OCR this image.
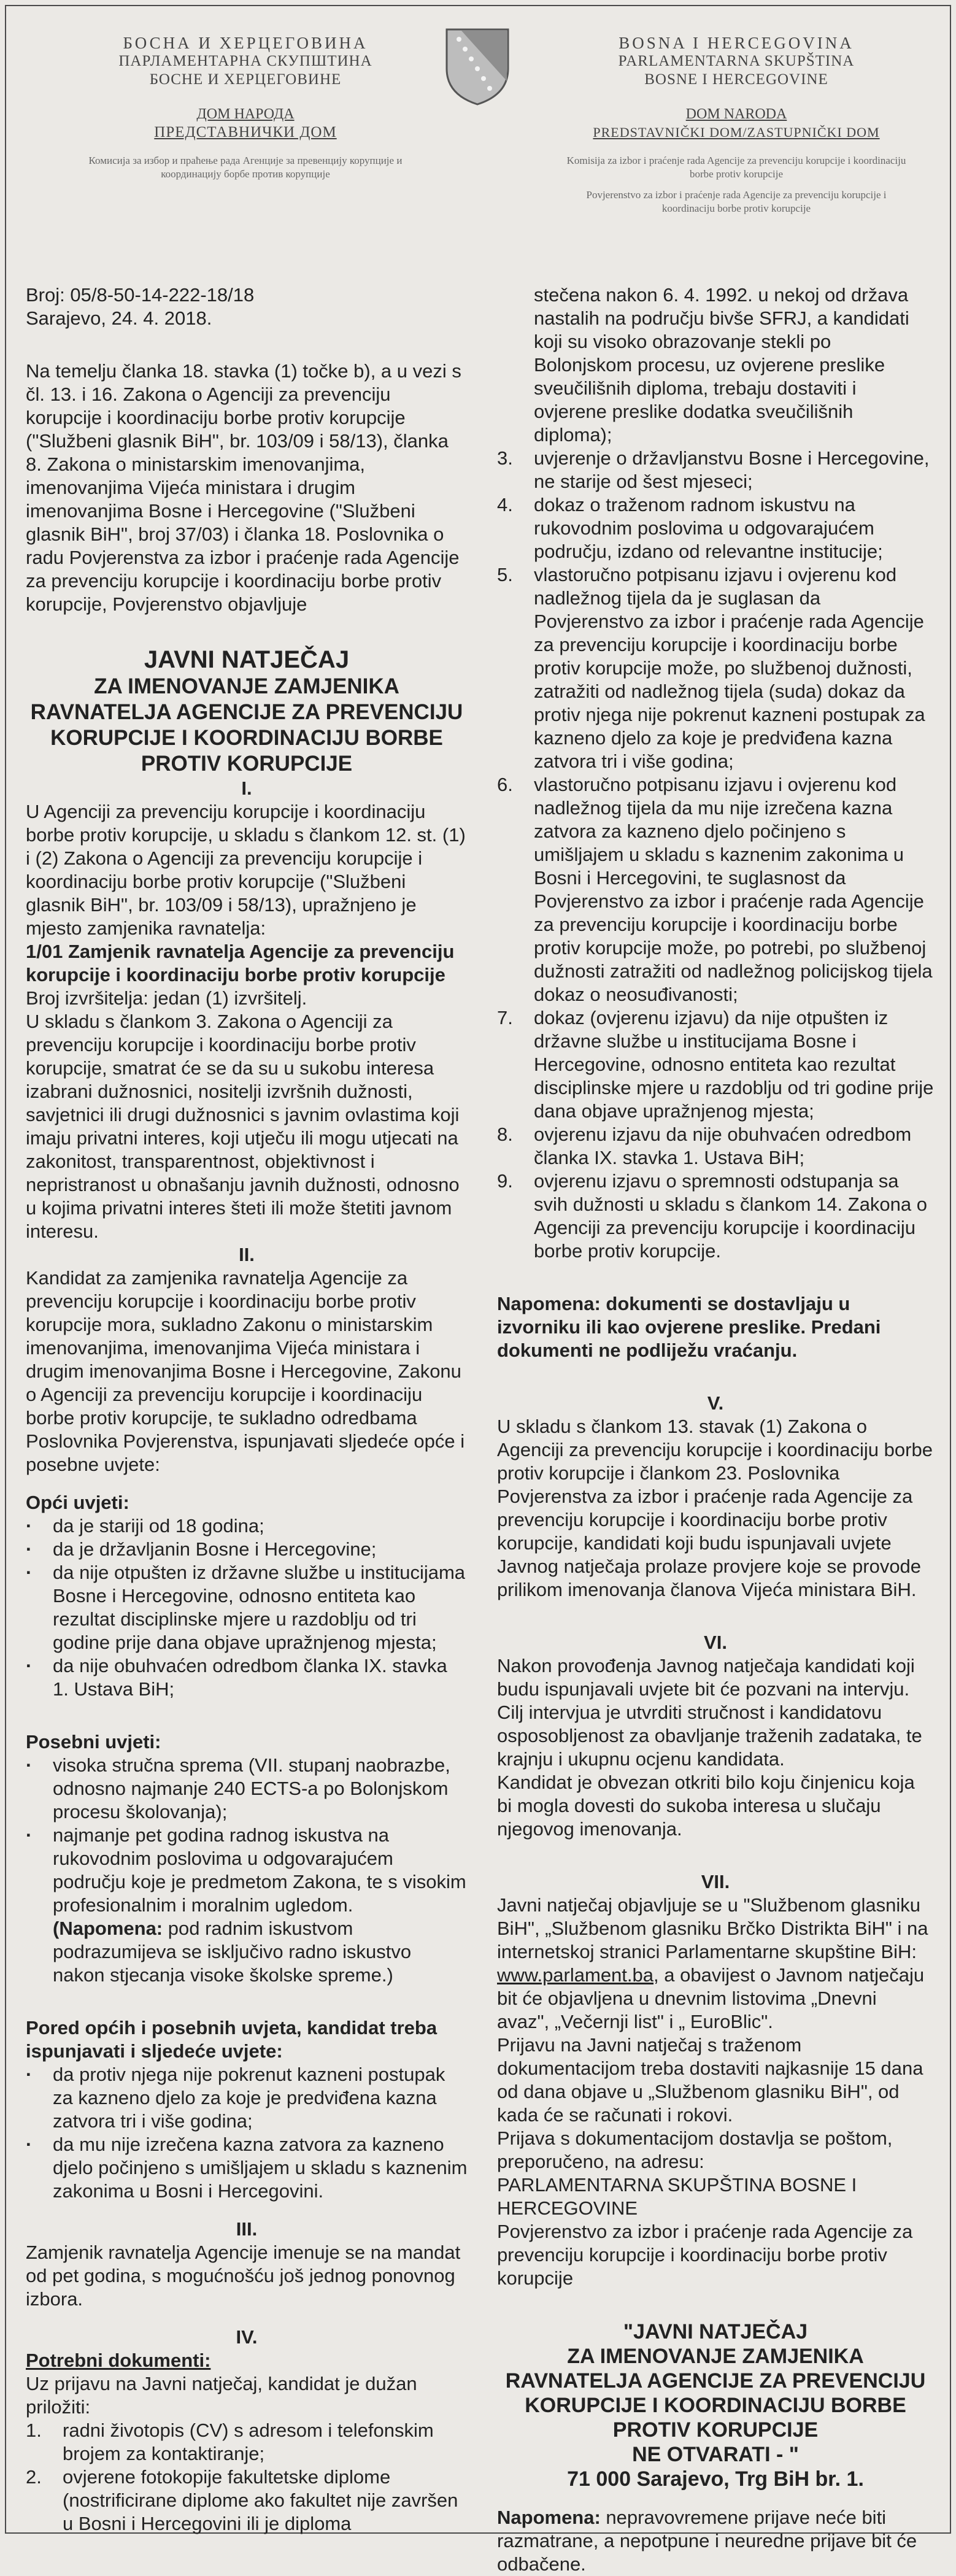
БОСНА И ХЕРЦЕГОВИНА
ПАРЛАМЕНТАРНА СКУПШТИНА
БОСНЕ И ХЕРЦЕГОВИНЕ
ДОМ НАРОДА
ПРЕДСТАВНИЧКИ ДОМ
Комисија за избор и праћење рада Агенције за превенцију корупције и координацију борбе против корупције
BOSNA I HERCEGOVINA
PARLAMENTARNA SKUPŠTINA
BOSNE I HERCEGOVINE
DOM NARODA
PREDSTAVNIČKI DOM/ZASTUPNIČKI DOM
Komisija za izbor i praćenje rada Agencije za prevenciju korupcije i koordinaciju borbe protiv korupcije
Povjerenstvo za izbor i praćenje rada Agencije za prevenciju korupcije i koordinaciju borbe protiv korupcije

Broj: 05/8-50-14-222-18/18

Sarajevo, 24. 4. 2018.

Na temelju članka 18. stavka (1) točke b), a u vezi s čl. 13. i 16. Zakona o Agenciji za prevenciju korupcije i koordinaciju borbe protiv korupcije ("Službeni glasnik BiH", br. 103/09 i 58/13), članka 8. Zakona o ministarskim imenovanjima, imenovanjima Vijeća ministara i drugim imenovanjima Bosne i Hercegovine ("Službeni glasnik BiH", broj 37/03) i članka 18. Poslovnika o radu Povjerenstva za izbor i praćenje rada Agencije za prevenciju korupcije i koordinaciju borbe protiv korupcije, Povjerenstvo objavljuje

JAVNI NATJEČAJ

ZA IMENOVANJE ZAMJENIKA RAVNATELJA AGENCIJE ZA PREVENCIJU KORUPCIJE I KOORDINACIJU BORBE PROTIV KORUPCIJE

I.

U Agenciji za prevenciju korupcije i koordinaciju borbe protiv korupcije, u skladu s člankom 12. st. (1) i (2) Zakona o Agenciji za prevenciju korupcije i koordinaciju borbe protiv korupcije ("Službeni glasnik BiH", br. 103/09 i 58/13), upražnjeno je mjesto zamjenika ravnatelja:

1/01 Zamjenik ravnatelja Agencije za prevenciju korupcije i koordinaciju borbe protiv korupcije

Broj izvršitelja: jedan (1) izvršitelj.

U skladu s člankom 3. Zakona o Agenciji za prevenciju korupcije i koordinaciju borbe protiv korupcije, smatrat će se da su u sukobu interesa izabrani dužnosnici, nositelji izvršnih dužnosti, savjetnici ili drugi dužnosnici s javnim ovlastima koji imaju privatni interes, koji utječu ili mogu utjecati na zakonitost, transparentnost, objektivnost i nepristranost u obnašanju javnih dužnosti, odnosno u kojima privatni interes šteti ili može štetiti javnom interesu.

II.

Kandidat za zamjenika ravnatelja Agencije za prevenciju korupcije i koordinaciju borbe protiv korupcije mora, sukladno Zakonu o ministarskim imenovanjima, imenovanjima Vijeća ministara i drugim imenovanjima Bosne i Hercegovine, Zakonu o Agenciji za prevenciju korupcije i koordinaciju borbe protiv korupcije, te sukladno odredbama Poslovnika Povjerenstva, ispunjavati sljedeće opće i posebne uvjete:

Opći uvjeti:

·	da je stariji od 18 godina;
·	da je državljanin Bosne i Hercegovine;
·	da nije otpušten iz državne službe u institucijama Bosne i Hercegovine, odnosno entiteta kao rezultat disciplinske mjere u razdoblju od tri godine prije dana objave upražnjenog mjesta;
·	da nije obuhvaćen odredbom članka IX. stavka 1. Ustava BiH;

Posebni uvjeti:

·	visoka stručna sprema (VII. stupanj naobrazbe, odnosno najmanje 240 ECTS-a po Bolonjskom procesu školovanja);
·	najmanje pet godina radnog iskustva na rukovodnim poslovima u odgovarajućem području koje je predmetom Zakona, te s visokim profesionalnim i moralnim ugledom.
(Napomena: pod radnim iskustvom podrazumijeva se isključivo radno iskustvo nakon stjecanja visoke školske spreme.)

Pored općih i posebnih uvjeta, kandidat treba ispunjavati i sljedeće uvjete:

·	da protiv njega nije pokrenut kazneni postupak za kazneno djelo za koje je predviđena kazna zatvora tri i više godina;
·	da mu nije izrečena kazna zatvora za kazneno djelo počinjeno s umišljajem u skladu s kaznenim zakonima u Bosni i Hercegovini.

III.

Zamjenik ravnatelja Agencije imenuje se na mandat od pet godina, s mogućnošću još jednog ponovnog izbora.

IV.

Potrebni dokumenti:

Uz prijavu na Javni natječaj, kandidat je dužan priložiti:

1.	radni životopis (CV) s adresom i telefonskim brojem za kontaktiranje;
2.	ovjerene fotokopije fakultetske diplome (nostrificirane diplome ako fakultet nije završen u Bosni i Hercegovini ili je diploma
stečena nakon 6. 4. 1992. u nekoj od država nastalih na području bivše SFRJ, a kandidati koji su visoko obrazovanje stekli po Bolonjskom procesu, uz ovjerene preslike sveučilišnih diploma, trebaju dostaviti i ovjerene preslike dodatka sveučilišnih diploma);
3.	uvjerenje o državljanstvu Bosne i Hercegovine, ne starije od šest mjeseci;
4.	dokaz o traženom radnom iskustvu na rukovodnim poslovima u odgovarajućem području, izdano od relevantne institucije;
5.	vlastoručno potpisanu izjavu i ovjerenu kod nadležnog tijela da je suglasan da Povjerenstvo za izbor i praćenje rada Agencije za prevenciju korupcije i koordinaciju borbe protiv korupcije može, po službenoj dužnosti, zatražiti od nadležnog tijela (suda) dokaz da protiv njega nije pokrenut kazneni postupak za kazneno djelo za koje je predviđena kazna zatvora tri i više godina;
6.	vlastoručno potpisanu izjavu i ovjerenu kod nadležnog tijela da mu nije izrečena kazna zatvora za kazneno djelo počinjeno s umišljajem u skladu s kaznenim zakonima u Bosni i Hercegovini, te suglasnost da Povjerenstvo za izbor i praćenje rada Agencije za prevenciju korupcije i koordinaciju borbe protiv korupcije može, po potrebi, po službenoj dužnosti zatražiti od nadležnog policijskog tijela dokaz o neosuđivanosti;
7.	dokaz (ovjerenu izjavu) da nije otpušten iz državne službe u institucijama Bosne i Hercegovine, odnosno entiteta kao rezultat disciplinske mjere u razdoblju od tri godine prije dana objave upražnjenog mjesta;
8.	ovjerenu izjavu da nije obuhvaćen odredbom članka IX. stavka 1. Ustava BiH;
9.	ovjerenu izjavu o spremnosti odstupanja sa svih dužnosti u skladu s člankom 14. Zakona o Agenciji za prevenciju korupcije i koordinaciju borbe protiv korupcije.

Napomena: dokumenti se dostavljaju u izvorniku ili kao ovjerene preslike. Predani dokumenti ne podliježu vraćanju.

V.

U skladu s člankom 13. stavak (1) Zakona o Agenciji za prevenciju korupcije i koordinaciju borbe protiv korupcije i člankom 23. Poslovnika Povjerenstva za izbor i praćenje rada Agencije za prevenciju korupcije i koordinaciju borbe protiv korupcije, kandidati koji budu ispunjavali uvjete Javnog natječaja prolaze provjere koje se provode prilikom imenovanja članova Vijeća ministara BiH.

VI.

Nakon provođenja Javnog natječaja kandidati koji budu ispunjavali uvjete bit će pozvani na intervju.

Cilj intervjua je utvrditi stručnost i kandidatovu osposobljenost za obavljanje traženih zadataka, te krajnju i ukupnu ocjenu kandidata.

Kandidat je obvezan otkriti bilo koju činjenicu koja bi mogla dovesti do sukoba interesa u slučaju njegovog imenovanja.

VII.

Javni natječaj objavljuje se u "Službenom glasniku BiH", „Službenom glasniku Brčko Distrikta BiH" i na internetskoj stranici Parlamentarne skupštine BiH: www.parlament.ba, a obavijest o Javnom natječaju bit će objavljena u dnevnim listovima „Dnevni avaz", „Večernji list" i „ EuroBlic".

Prijavu na Javni natječaj s traženom dokumentacijom treba dostaviti najkasnije 15 dana od dana objave u „Službenom glasniku BiH", od kada će se računati i rokovi.

Prijava s dokumentacijom dostavlja se poštom, preporučeno, na adresu:

PARLAMENTARNA SKUPŠTINA BOSNE I HERCEGOVINE

Povjerenstvo za izbor i praćenje rada Agencije za prevenciju korupcije i koordinaciju borbe protiv korupcije

"JAVNI NATJEČAJ

ZA IMENOVANJE ZAMJENIKA RAVNATELJA AGENCIJE ZA PREVENCIJU KORUPCIJE I KOORDINACIJU BORBE PROTIV KORUPCIJE

NE OTVARATI - "

71 000 Sarajevo, Trg BiH br. 1.

Napomena: nepravovremene prijave neće biti razmatrane, a nepotpune i neuredne prijave bit će odbačene.
